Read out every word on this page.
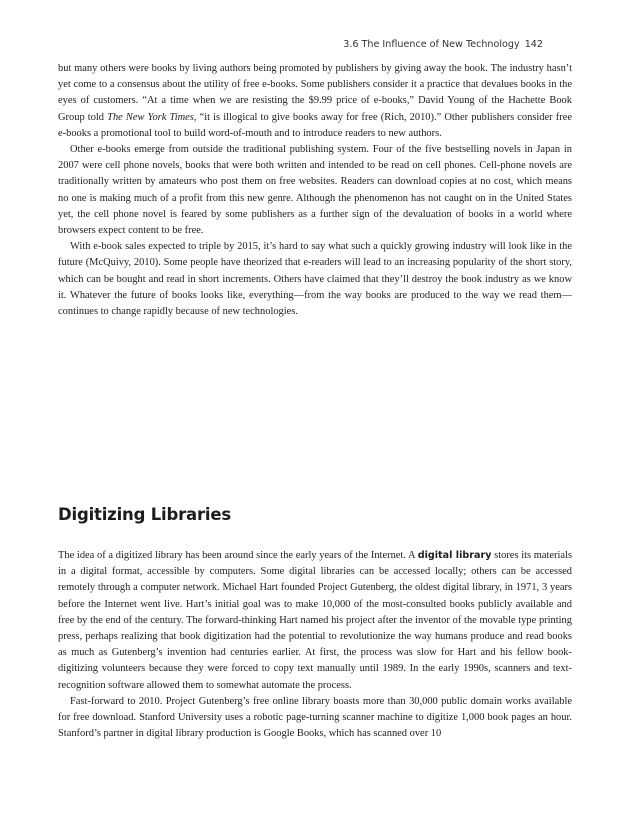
3.6 The Influence of New Technology 142

but many others were books by living authors being promoted by publishers by giving away the book. The industry hasn’t yet come to a consensus about the utility of free e-books. Some publishers consider it a practice that devalues books in the eyes of customers. “At a time when we are resisting the $9.99 price of e-books,” David Young of the Hachette Book Group told The New York Times, “it is illogical to give books away for free (Rich, 2010).” Other publishers consider free e-books a promotional tool to build word-of-mouth and to introduce readers to new authors.

Other e-books emerge from outside the traditional publishing system. Four of the five bestselling novels in Japan in 2007 were cell phone novels, books that were both written and intended to be read on cell phones. Cell-phone novels are traditionally written by amateurs who post them on free websites. Readers can download copies at no cost, which means no one is making much of a profit from this new genre. Although the phenomenon has not caught on in the United States yet, the cell phone novel is feared by some publishers as a further sign of the devaluation of books in a world where browsers expect content to be free.

With e-book sales expected to triple by 2015, it’s hard to say what such a quickly growing industry will look like in the future (McQuivy, 2010). Some people have theorized that e-readers will lead to an increasing popularity of the short story, which can be bought and read in short increments. Others have claimed that they’ll destroy the book industry as we know it. Whatever the future of books looks like, everything—from the way books are produced to the way we read them—continues to change rapidly because of new technologies.

Digitizing Libraries

The idea of a digitized library has been around since the early years of the Internet. A digital library stores its materials in a digital format, accessible by computers. Some digital libraries can be accessed locally; others can be accessed remotely through a computer network. Michael Hart founded Project Gutenberg, the oldest digital library, in 1971, 3 years before the Internet went live. Hart’s initial goal was to make 10,000 of the most-consulted books publicly available and free by the end of the century. The forward-thinking Hart named his project after the inventor of the movable type printing press, perhaps realizing that book digitization had the potential to revolutionize the way humans produce and read books as much as Gutenberg’s invention had centuries earlier. At first, the process was slow for Hart and his fellow book-digitizing volunteers because they were forced to copy text manually until 1989. In the early 1990s, scanners and text-recognition software allowed them to somewhat automate the process.

Fast-forward to 2010. Project Gutenberg’s free online library boasts more than 30,000 public domain works available for free download. Stanford University uses a robotic page-turning scanner machine to digitize 1,000 book pages an hour. Stanford’s partner in digital library production is Google Books, which has scanned over 10
